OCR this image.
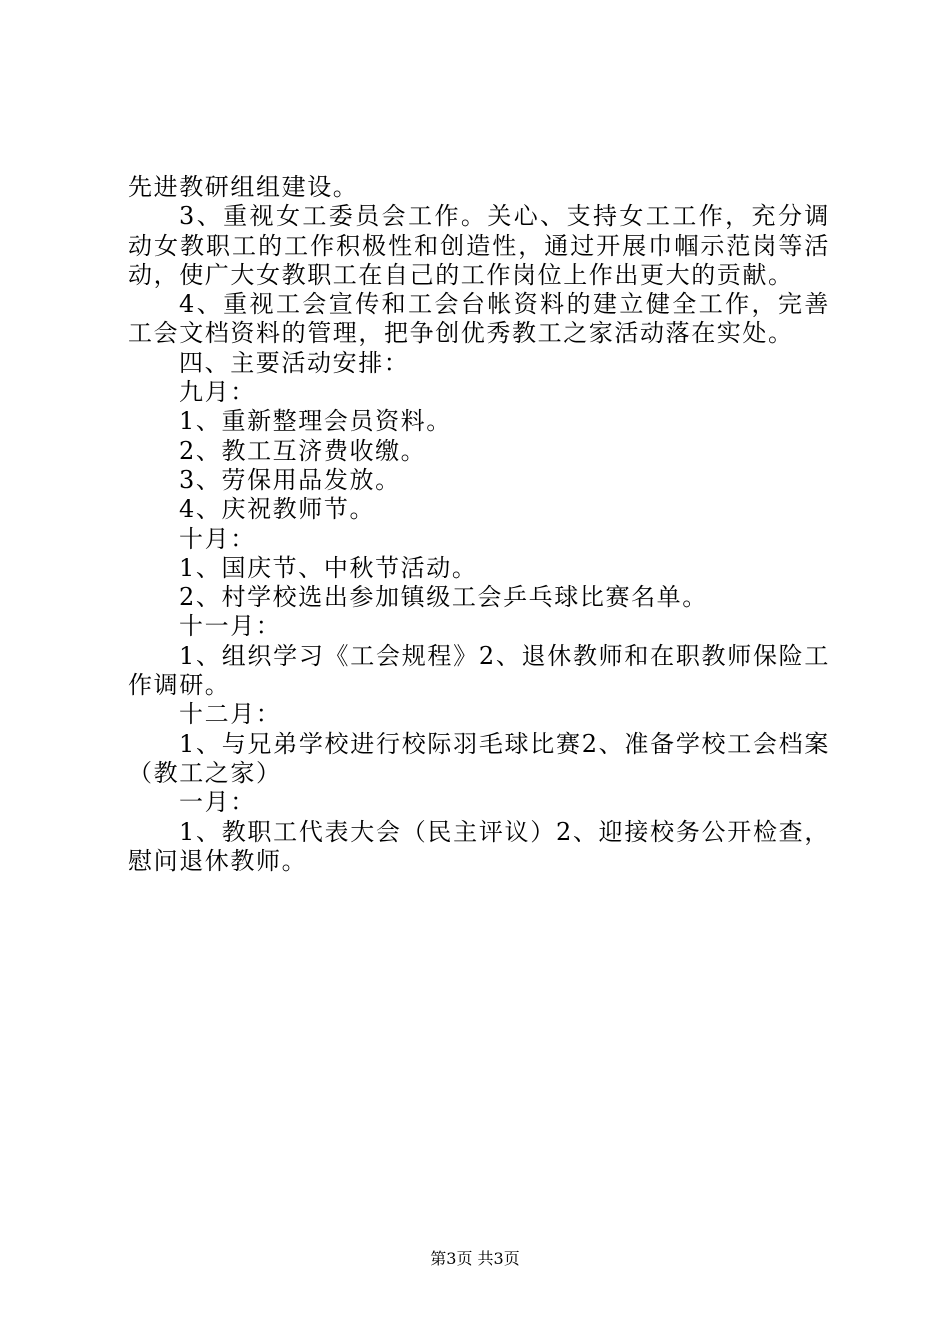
先进教研组组建设。

3、重视女工委员会工作。关心、支持女工工作，充分调动女教职工的工作积极性和创造性，通过开展巾帼示范岗等活动，使广大女教职工在自己的工作岗位上作出更大的贡献。

4、重视工会宣传和工会台帐资料的建立健全工作，完善工会文档资料的管理，把争创优秀教工之家活动落在实处。

四、主要活动安排：

九月：

1、重新整理会员资料。

2、教工互济费收缴。

3、劳保用品发放。

4、庆祝教师节。

十月：

1、国庆节、中秋节活动。

2、村学校选出参加镇级工会乒乓球比赛名单。

十一月：

1、组织学习《工会规程》2、退休教师和在职教师保险工作调研。

十二月：

1、与兄弟学校进行校际羽毛球比赛2、准备学校工会档案（教工之家）

一月：

1、教职工代表大会（民主评议）2、迎接校务公开检查，慰问退休教师。

第3页 共3页
